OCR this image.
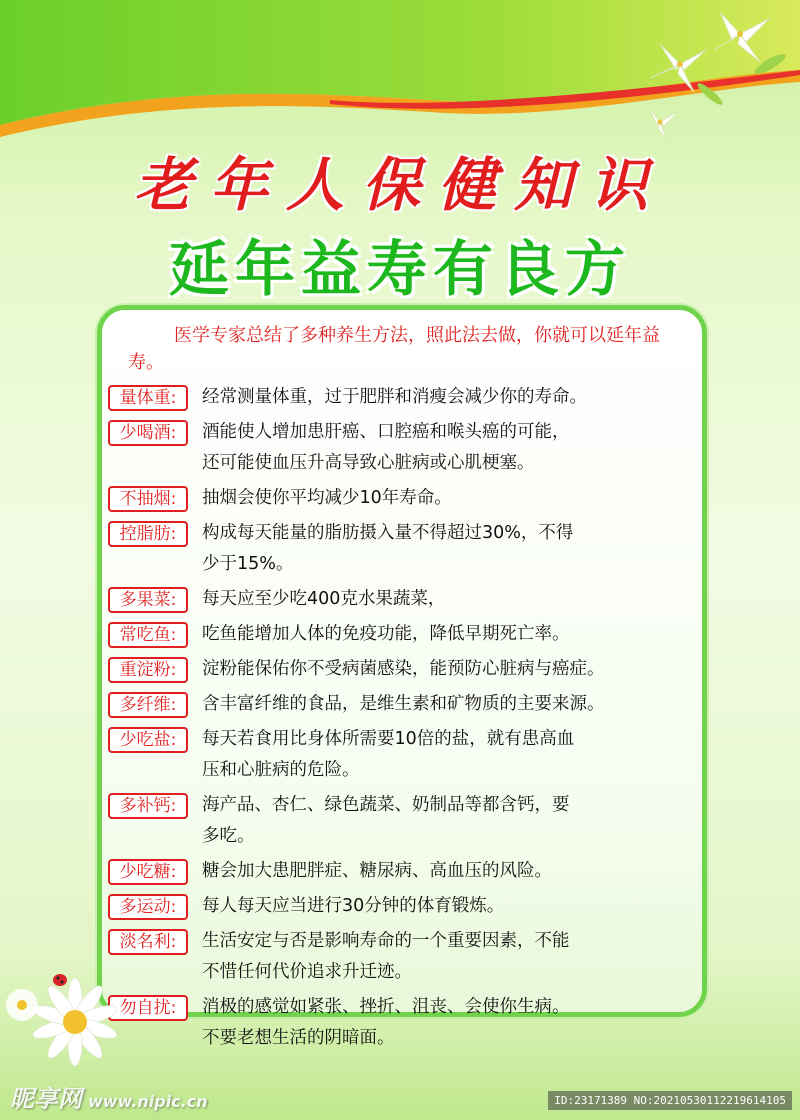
老年人保健知识
延年益寿有良方
医学专家总结了多种养生方法，照此法去做，你就可以延年益寿。
量体重:	经常测量体重，过于肥胖和消瘦会减少你的寿命。
少喝酒:	酒能使人增加患肝癌、口腔癌和喉头癌的可能，
还可能使血压升高导致心脏病或心肌梗塞。
不抽烟:	抽烟会使你平均减少10年寿命。
控脂肪:	构成每天能量的脂肪摄入量不得超过30%，不得
少于15%。
多果菜:	每天应至少吃400克水果蔬菜，
常吃鱼:	吃鱼能增加人体的免疫功能，降低早期死亡率。
重淀粉:	淀粉能保佑你不受病菌感染，能预防心脏病与癌症。
多纤维:	含丰富纤维的食品，是维生素和矿物质的主要来源。
少吃盐:	每天若食用比身体所需要10倍的盐，就有患高血
压和心脏病的危险。
多补钙:	海产品、杏仁、绿色蔬菜、奶制品等都含钙，要
多吃。
少吃糖:	糖会加大患肥胖症、糖尿病、高血压的风险。
多运动:	每人每天应当进行30分钟的体育锻炼。
淡名利:	生活安定与否是影响寿命的一个重要因素，不能
不惜任何代价追求升迁迹。
勿自扰:	消极的感觉如紧张、挫折、沮丧、会使你生病。
不要老想生活的阴暗面。
昵享网 www.nipic.cn	ID:23171389 NO:20210530112219614105
